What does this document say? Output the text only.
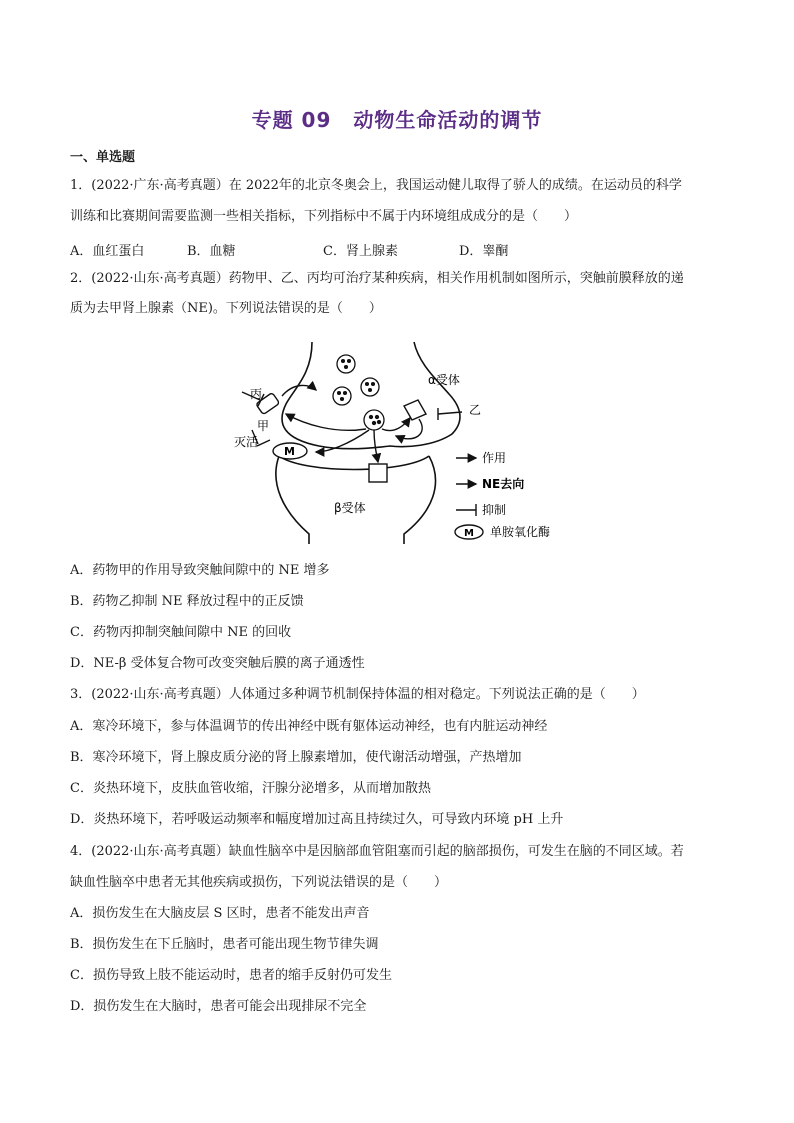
专题 09 动物生命活动的调节
一、单选题
1．(2022·广东·高考真题）在 2022年的北京冬奥会上，我国运动健儿取得了骄人的成绩。在运动员的科学
训练和比赛期间需要监测一些相关指标，下列指标中不属于内环境组成成分的是（　　）
A．血红蛋白	B．血糖	C．肾上腺素	D．睾酮
2．(2022·山东·高考真题）药物甲、乙、丙均可治疗某种疾病，相关作用机制如图所示，突触前膜释放的递
质为去甲肾上腺素（NE)。下列说法错误的是（　　）
M
丙
甲
灭活
α受体
乙
β受体
作用
NE去向
抑制
M 单胺氧化酶
A．药物甲的作用导致突触间隙中的 NE 增多
B．药物乙抑制 NE 释放过程中的正反馈
C．药物丙抑制突触间隙中 NE 的回收
D．NE-β 受体复合物可改变突触后膜的离子通透性
3．(2022·山东·高考真题）人体通过多种调节机制保持体温的相对稳定。下列说法正确的是（　　）
A．寒冷环境下，参与体温调节的传出神经中既有躯体运动神经，也有内脏运动神经
B．寒冷环境下，肾上腺皮质分泌的肾上腺素增加，使代谢活动增强，产热增加
C．炎热环境下，皮肤血管收缩，汗腺分泌增多，从而增加散热
D．炎热环境下，若呼吸运动频率和幅度增加过高且持续过久，可导致内环境 pH 上升
4．(2022·山东·高考真题）缺血性脑卒中是因脑部血管阻塞而引起的脑部损伤，可发生在脑的不同区域。若
缺血性脑卒中患者无其他疾病或损伤，下列说法错误的是（　　）
A．损伤发生在大脑皮层 S 区时，患者不能发出声音
B．损伤发生在下丘脑时，患者可能出现生物节律失调
C．损伤导致上肢不能运动时，患者的缩手反射仍可发生
D．损伤发生在大脑时，患者可能会出现排尿不完全
